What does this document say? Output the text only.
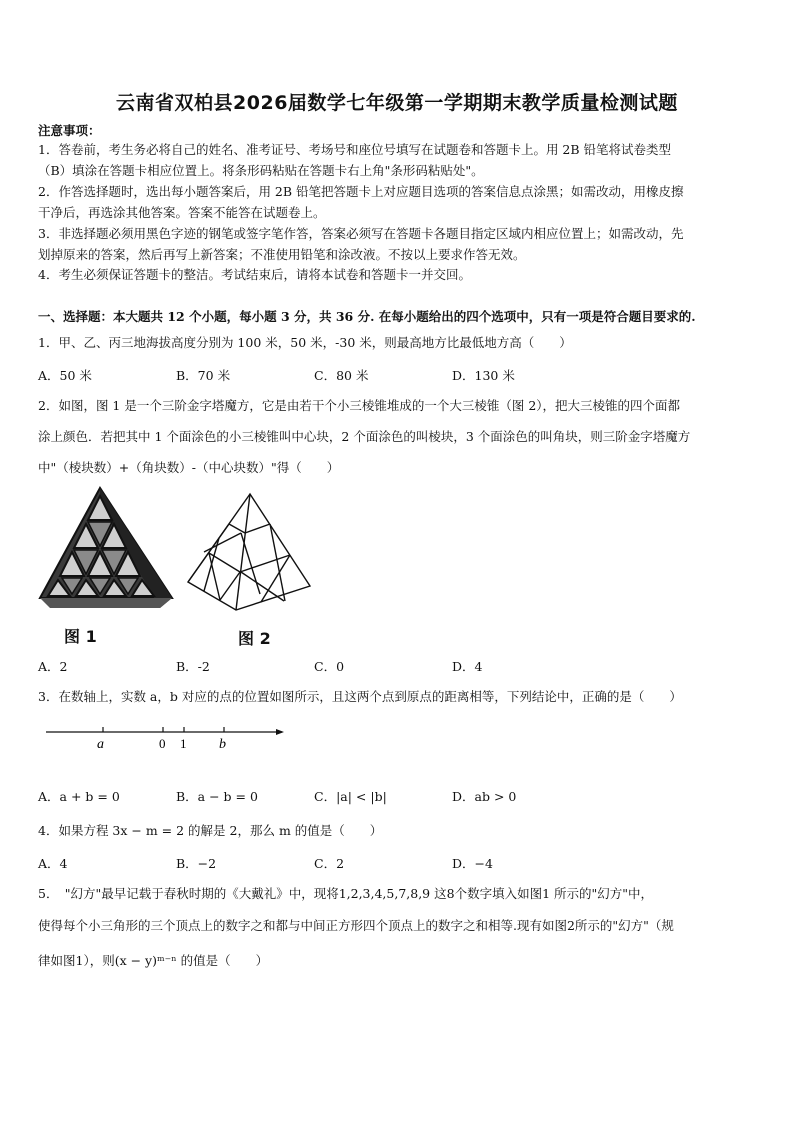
云南省双柏县2026届数学七年级第一学期期末教学质量检测试题
注意事项：
1．答卷前，考生务必将自己的姓名、准考证号、考场号和座位号填写在试题卷和答题卡上。用 2B 铅笔将试卷类型
（B）填涂在答题卡相应位置上。将条形码粘贴在答题卡右上角"条形码粘贴处"。
2．作答选择题时，选出每小题答案后，用 2B 铅笔把答题卡上对应题目选项的答案信息点涂黑；如需改动，用橡皮擦
干净后，再选涂其他答案。答案不能答在试题卷上。
3．非选择题必须用黑色字迹的钢笔或签字笔作答，答案必须写在答题卡各题目指定区域内相应位置上；如需改动，先
划掉原来的答案，然后再写上新答案；不准使用铅笔和涂改液。不按以上要求作答无效。
4．考生必须保证答题卡的整洁。考试结束后，请将本试卷和答题卡一并交回。
一、选择题：本大题共 12 个小题，每小题 3 分，共 36 分. 在每小题给出的四个选项中，只有一项是符合题目要求的.
1．甲、乙、丙三地海拔高度分别为 100 米，50 米，-30 米，则最高地方比最低地方高（　　）
A．50 米	B．70 米	C．80 米	D．130 米
2．如图，图 1 是一个三阶金字塔魔方，它是由若干个小三棱锥堆成的一个大三棱锥（图 2），把大三棱锥的四个面都
涂上颜色．若把其中 1 个面涂色的小三棱锥叫中心块，2 个面涂色的叫棱块，3 个面涂色的叫角块，则三阶金字塔魔方
中"（棱块数）+（角块数）-（中心块数）"得（　　）
图 1	图 2
A．2	B．-2	C．0	D．4
3．在数轴上，实数 a，b 对应的点的位置如图所示，且这两个点到原点的距离相等，下列结论中，正确的是（　　）
a	0 1 b
A．a + b = 0	B．a − b = 0	C．|a| < |b|	D．ab > 0
4．如果方程 3x − m = 2 的解是 2，那么 m 的值是（　　）
A．4	B．−2	C．2	D．−4
5．　"幻方"最早记载于春秋时期的《大戴礼》中，现将1,2,3,4,5,7,8,9 这8个数字填入如图1 所示的"幻方"中，
使得每个小三角形的三个顶点上的数字之和都与中间正方形四个顶点上的数字之和相等.现有如图2所示的"幻方"（规
律如图1），则(x − y)ᵐ⁻ⁿ 的值是（　　）
